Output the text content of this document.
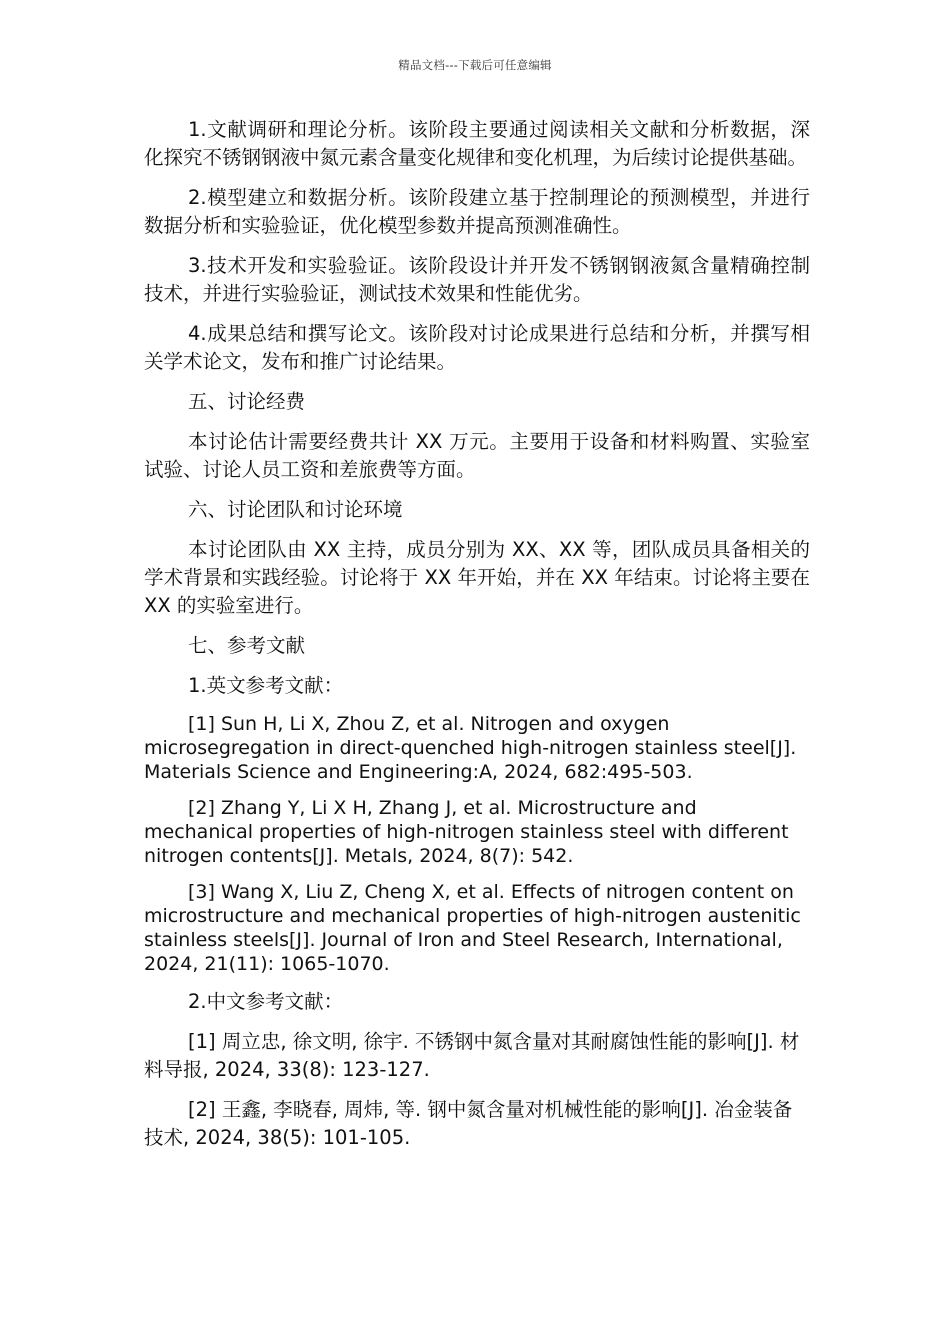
精品文档---下载后可任意编辑

1.文献调研和理论分析。该阶段主要通过阅读相关文献和分析数据，深化探究不锈钢钢液中氮元素含量变化规律和变化机理，为后续讨论提供基础。

2.模型建立和数据分析。该阶段建立基于控制理论的预测模型，并进行数据分析和实验验证，优化模型参数并提高预测准确性。

3.技术开发和实验验证。该阶段设计并开发不锈钢钢液氮含量精确控制技术，并进行实验验证，测试技术效果和性能优劣。

4.成果总结和撰写论文。该阶段对讨论成果进行总结和分析，并撰写相关学术论文，发布和推广讨论结果。

五、讨论经费

本讨论估计需要经费共计 XX 万元。主要用于设备和材料购置、实验室试验、讨论人员工资和差旅费等方面。

六、讨论团队和讨论环境

本讨论团队由 XX 主持，成员分别为 XX、XX 等，团队成员具备相关的学术背景和实践经验。讨论将于 XX 年开始，并在 XX 年结束。讨论将主要在 XX 的实验室进行。

七、参考文献

1.英文参考文献：

[1] Sun H, Li X, Zhou Z, et al. Nitrogen and oxygen microsegregation in direct-quenched high-nitrogen stainless steel[J]. Materials Science and Engineering:A, 2024, 682:495-503.

[2] Zhang Y, Li X H, Zhang J, et al. Microstructure and mechanical properties of high-nitrogen stainless steel with different nitrogen contents[J]. Metals, 2024, 8(7): 542.

[3] Wang X, Liu Z, Cheng X, et al. Effects of nitrogen content on microstructure and mechanical properties of high-nitrogen austenitic stainless steels[J]. Journal of Iron and Steel Research, International, 2024, 21(11): 1065-1070.

2.中文参考文献：

[1] 周立忠, 徐文明, 徐宇. 不锈钢中氮含量对其耐腐蚀性能的影响[J]. 材料导报, 2024, 33(8): 123-127.

[2] 王鑫, 李晓春, 周炜, 等. 钢中氮含量对机械性能的影响[J]. 冶金装备技术, 2024, 38(5): 101-105.
